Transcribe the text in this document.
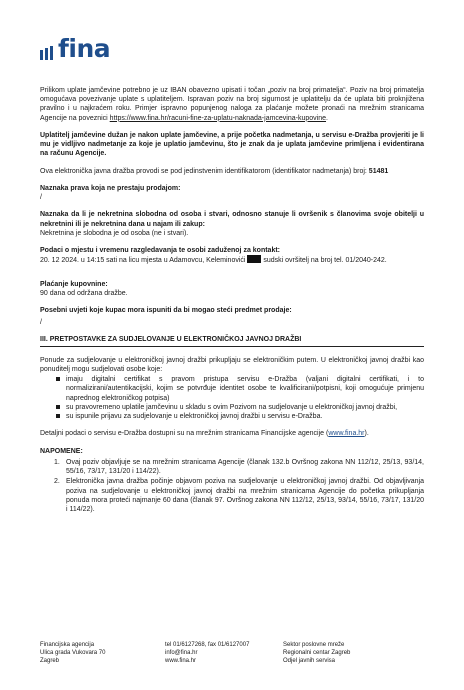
fina

Prilikom uplate jamčevine potrebno je uz IBAN obavezno upisati i točan „poziv na broj primatelja“. Poziv na broj primatelja omogućava povezivanje uplate s uplatiteljem. Ispravan poziv na broj sigurnost je uplatitelju da će uplata biti proknjižena pravilno i u najkraćem roku. Primjer ispravno popunjenog naloga za plaćanje možete pronaći na mrežnim stranicama Agencije na poveznici https://www.fina.hr/racuni-fine-za-uplatu-naknada-jamcevina-kupovine.

Uplatitelj jamčevine dužan je nakon uplate jamčevine, a prije početka nadmetanja, u servisu e-Dražba provjeriti je li mu je vidljivo nadmetanje za koje je uplatio jamčevinu, što je znak da je uplata jamčevine primljena i evidentirana na računu Agencije.

Ova elektronička javna dražba provodi se pod jedinstvenim identifikatorom (identifikator nadmetanja) broj: 51481

Naznaka prava koja ne prestaju prodajom:

/

Naznaka da li je nekretnina slobodna od osoba i stvari, odnosno stanuje li ovršenik s članovima svoje obitelji u nekretnini ili je nekretnina dana u najam ili zakup:

Nekretnina je slobodna je od osoba (ne i stvari).

Podaci o mjestu i vremenu razgledavanja te osobi zaduženoj za kontakt:

20. 12 2024. u 14:15 sati na licu mjesta u Adamovcu, Keleminovići	sudski ovršitelj na broj tel. 01/2040-242.

Plaćanje kupovnine:

90 dana od održana dražbe.

Posebni uvjeti koje kupac mora ispuniti da bi mogao steći predmet prodaje:

/

III. PRETPOSTAVKE ZA SUDJELOVANJE U ELEKTRONIČKOJ JAVNOJ DRAŽBI

Ponude za sudjelovanje u elektroničkoj javnoj dražbi prikupljaju se elektroničkim putem. U elektroničkoj javnoj dražbi kao ponuditelj mogu sudjelovati osobe koje:

imaju digitalni certifikat s pravom pristupa servisu e-Dražba (valjani digitalni certifikati, i to normalizirani/autentikacijski, kojim se potvrđuje identitet osobe te kvalificirani/potpisni, koji omogućuje primjenu naprednog elektroničkog potpisa)
su pravovremeno uplatile jamčevinu u skladu s ovim Pozivom na sudjelovanje u elektroničkoj javnoj dražbi,
su ispunile prijavu za sudjelovanje u elektroničkoj javnoj dražbi u servisu e-Dražba.

Detaljni podaci o servisu e-Dražba dostupni su na mrežnim stranicama Financijske agencije (www.fina.hr).

NAPOMENE:

1. Ovaj poziv objavljuje se na mrežnim stranicama Agencije (članak 132.b Ovršnog zakona NN 112/12, 25/13, 93/14, 55/16, 73/17, 131/20 i 114/22).
2. Elektronička javna dražba počinje objavom poziva na sudjelovanje u elektroničkoj javnoj dražbi. Od objavljivanja poziva na sudjelovanje u elektroničkoj javnoj dražbi na mrežnim stranicama Agencije do početka prikupljanja ponuda mora proteći najmanje 60 dana (članak 97. Ovršnog zakona NN 112/12, 25/13, 93/14, 55/16, 73/17, 131/20 i 114/22).
Financijska agencija
Ulica grada Vukovara 70
Zagreb
tel 01/6127268, fax 01/6127007
info@fina.hr
www.fina.hr
Sektor poslovne mreže
Regionalni centar Zagreb
Odjel javnih servisa
